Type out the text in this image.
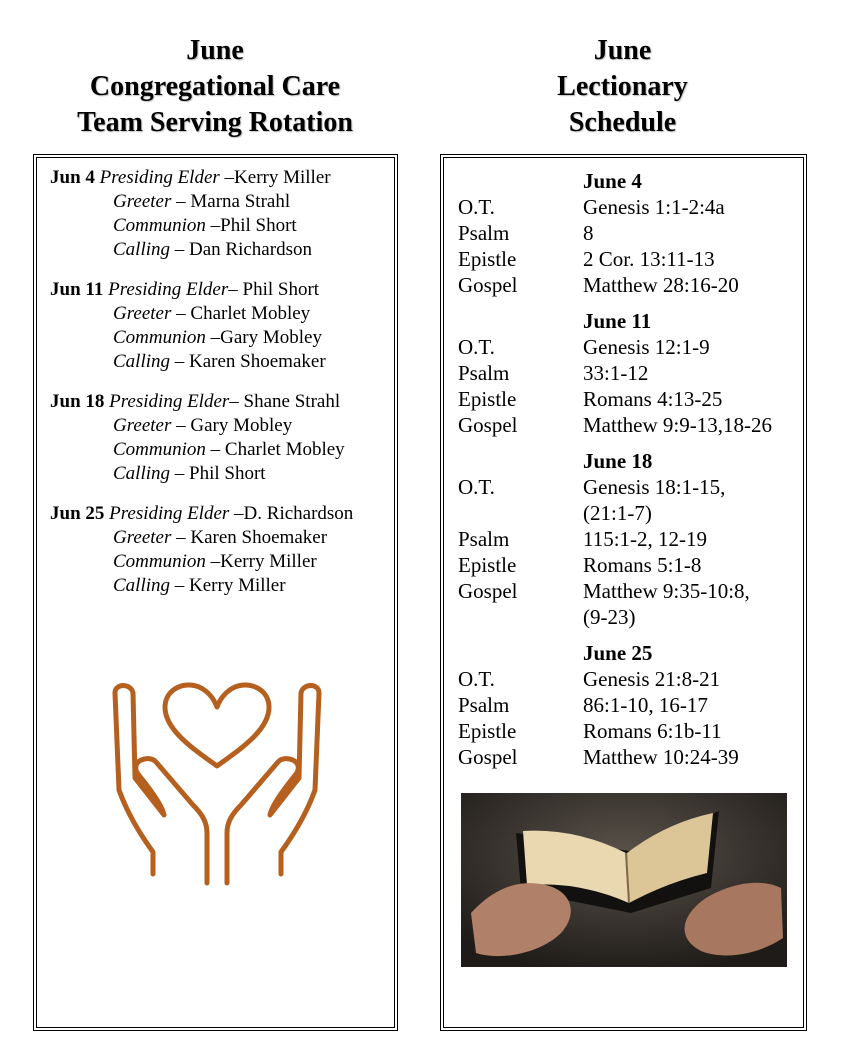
June
Congregational Care
Team Serving Rotation
June
Lectionary
Schedule
Jun 4 Presiding Elder –Kerry Miller
Greeter – Marna Strahl
Communion –Phil Short
Calling – Dan Richardson
Jun 11 Presiding Elder– Phil Short
Greeter – Charlet Mobley
Communion –Gary Mobley
Calling – Karen Shoemaker
Jun 18 Presiding Elder– Shane Strahl
Greeter – Gary Mobley
Communion – Charlet Mobley
Calling – Phil Short
Jun 25 Presiding Elder –D. Richardson
Greeter – Karen Shoemaker
Communion –Kerry Miller
Calling – Kerry Miller
June 4
O.T.	Genesis 1:1-2:4a
Psalm	8
Epistle	2 Cor. 13:11-13
Gospel	Matthew 28:16-20
June 11
O.T.	Genesis 12:1-9
Psalm	33:1-12
Epistle	Romans 4:13-25
Gospel	Matthew 9:9-13,18-26
June 18
O.T.	Genesis 18:1-15,
(21:1-7)
Psalm	115:1-2, 12-19
Epistle	Romans 5:1-8
Gospel	Matthew 9:35-10:8,
(9-23)
June 25
O.T.	Genesis 21:8-21
Psalm	86:1-10, 16-17
Epistle	Romans 6:1b-11
Gospel	Matthew 10:24-39
